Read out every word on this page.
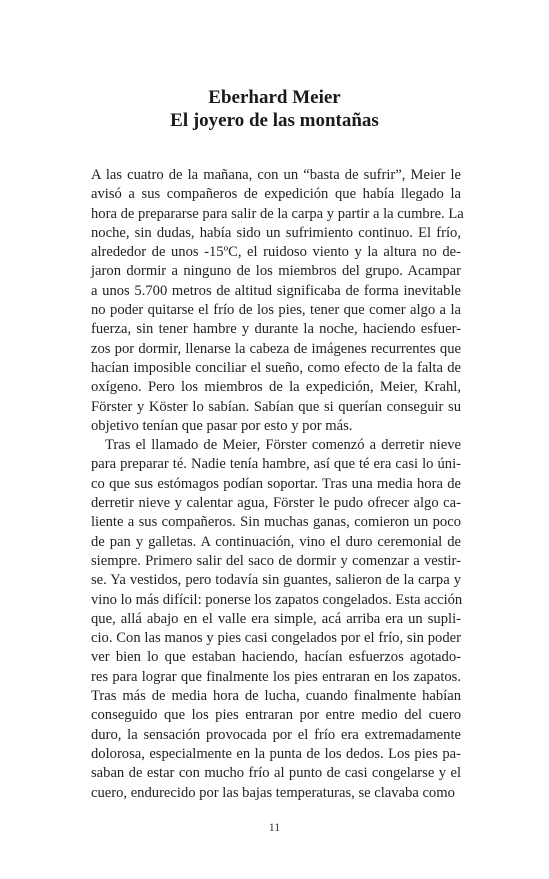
Eberhard Meier
El joyero de las montañas
A las cuatro de la mañana, con un “basta de sufrir”, Meier le
avisó a sus compañeros de expedición que había llegado la
hora de prepararse para salir de la carpa y partir a la cumbre. La
noche, sin dudas, había sido un sufrimiento continuo. El frío,
alrededor de unos -15ºC, el ruidoso viento y la altura no de-
jaron dormir a ninguno de los miembros del grupo. Acampar
a unos 5.700 metros de altitud significaba de forma inevitable
no poder quitarse el frío de los pies, tener que comer algo a la
fuerza, sin tener hambre y durante la noche, haciendo esfuer-
zos por dormir, llenarse la cabeza de imágenes recurrentes que
hacían imposible conciliar el sueño, como efecto de la falta de
oxígeno. Pero los miembros de la expedición, Meier, Krahl,
Förster y Köster lo sabían. Sabían que si querían conseguir su
objetivo tenían que pasar por esto y por más.
Tras el llamado de Meier, Förster comenzó a derretir nieve
para preparar té. Nadie tenía hambre, así que té era casi lo úni-
co que sus estómagos podían soportar. Tras una media hora de
derretir nieve y calentar agua, Förster le pudo ofrecer algo ca-
liente a sus compañeros. Sin muchas ganas, comieron un poco
de pan y galletas. A continuación, vino el duro ceremonial de
siempre. Primero salir del saco de dormir y comenzar a vestir-
se. Ya vestidos, pero todavía sin guantes, salieron de la carpa y
vino lo más difícil: ponerse los zapatos congelados. Esta acción
que, allá abajo en el valle era simple, acá arriba era un supli-
cio. Con las manos y pies casi congelados por el frío, sin poder
ver bien lo que estaban haciendo, hacían esfuerzos agotado-
res para lograr que finalmente los pies entraran en los zapatos.
Tras más de media hora de lucha, cuando finalmente habían
conseguido que los pies entraran por entre medio del cuero
duro, la sensación provocada por el frío era extremadamente
dolorosa, especialmente en la punta de los dedos. Los pies pa-
saban de estar con mucho frío al punto de casi congelarse y el
cuero, endurecido por las bajas temperaturas, se clavaba como
11
